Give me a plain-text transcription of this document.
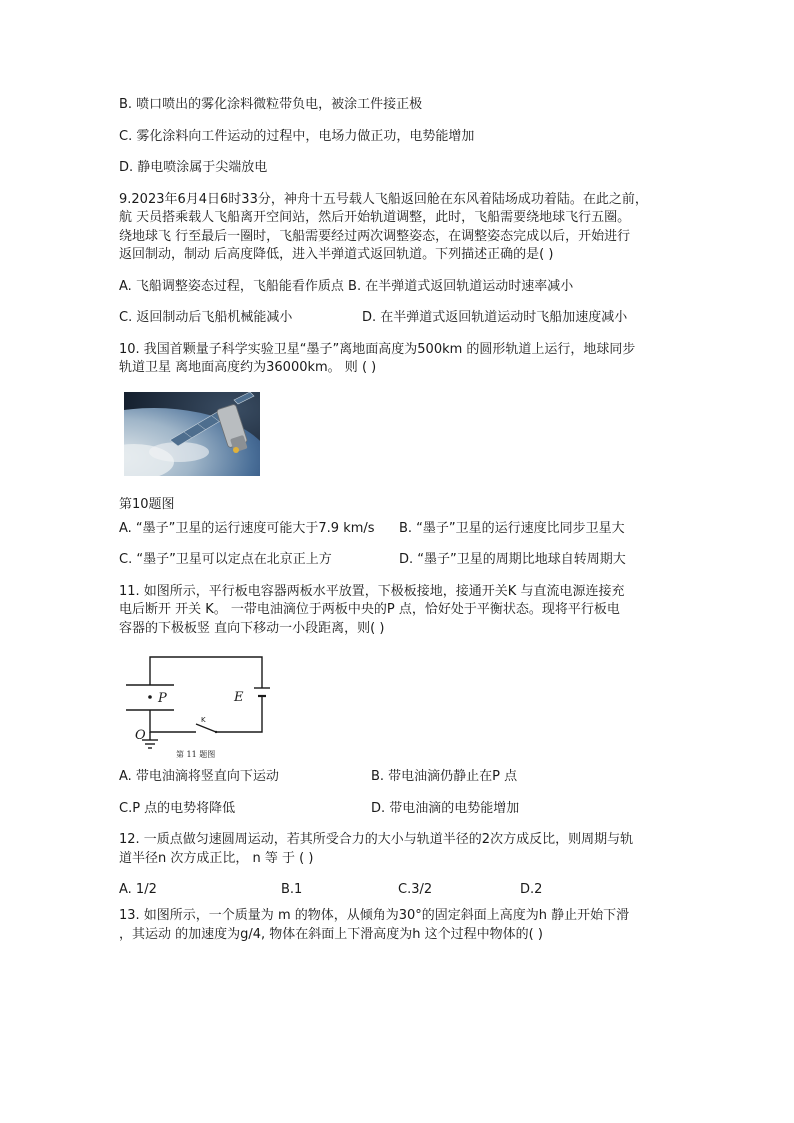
B. 喷口喷出的雾化涂料微粒带负电，被涂工件接正极
C. 雾化涂料向工件运动的过程中，电场力做正功，电势能增加
D. 静电喷涂属于尖端放电
9.2023年6月4日6时33分，神舟十五号载人飞船返回舱在东风着陆场成功着陆。在此之前，
航 天员搭乘载人飞船离开空间站，然后开始轨道调整，此时，飞船需要绕地球飞行五圈。
绕地球飞 行至最后一圈时，飞船需要经过两次调整姿态，在调整姿态完成以后，开始进行
返回制动，制动 后高度降低，进入半弹道式返回轨道。下列描述正确的是( )
A. 飞船调整姿态过程，飞船能看作质点 B. 在半弹道式返回轨道运动时速率减小
C. 返回制动后飞船机械能减小	D. 在半弹道式返回轨道运动时飞船加速度减小
10. 我国首颗量子科学实验卫星“墨子”离地面高度为500km 的圆形轨道上运行，地球同步
轨道卫星 离地面高度约为36000km。 则 ( )
第10题图
A. “墨子”卫星的运行速度可能大于7.9 km/s B. “墨子”卫星的运行速度比同步卫星大
C. “墨子”卫星可以定点在北京正上方	D. “墨子”卫星的周期比地球自转周期大
11. 如图所示，平行板电容器两板水平放置，下极板接地，接通开关K 与直流电源连接充
电后断开 开关 K。 一带电油滴位于两板中央的P 点，恰好处于平衡状态。现将平行板电
容器的下极板竖 直向下移动一小段距离，则( )
P	E
K
O
第 11 题图
A. 带电油滴将竖直向下运动	B. 带电油滴仍静止在P 点
C.P 点的电势将降低	D. 带电油滴的电势能增加
12. 一质点做匀速圆周运动，若其所受合力的大小与轨道半径的2次方成反比，则周期与轨
道半径n 次方成正比， n 等 于 ( )
A. 1/2	B.1	C.3/2	D.2
13. 如图所示，一个质量为 m 的物体，从倾角为30°的固定斜面上高度为h 静止开始下滑
，其运动 的加速度为g/4, 物体在斜面上下滑高度为h 这个过程中物体的( )
